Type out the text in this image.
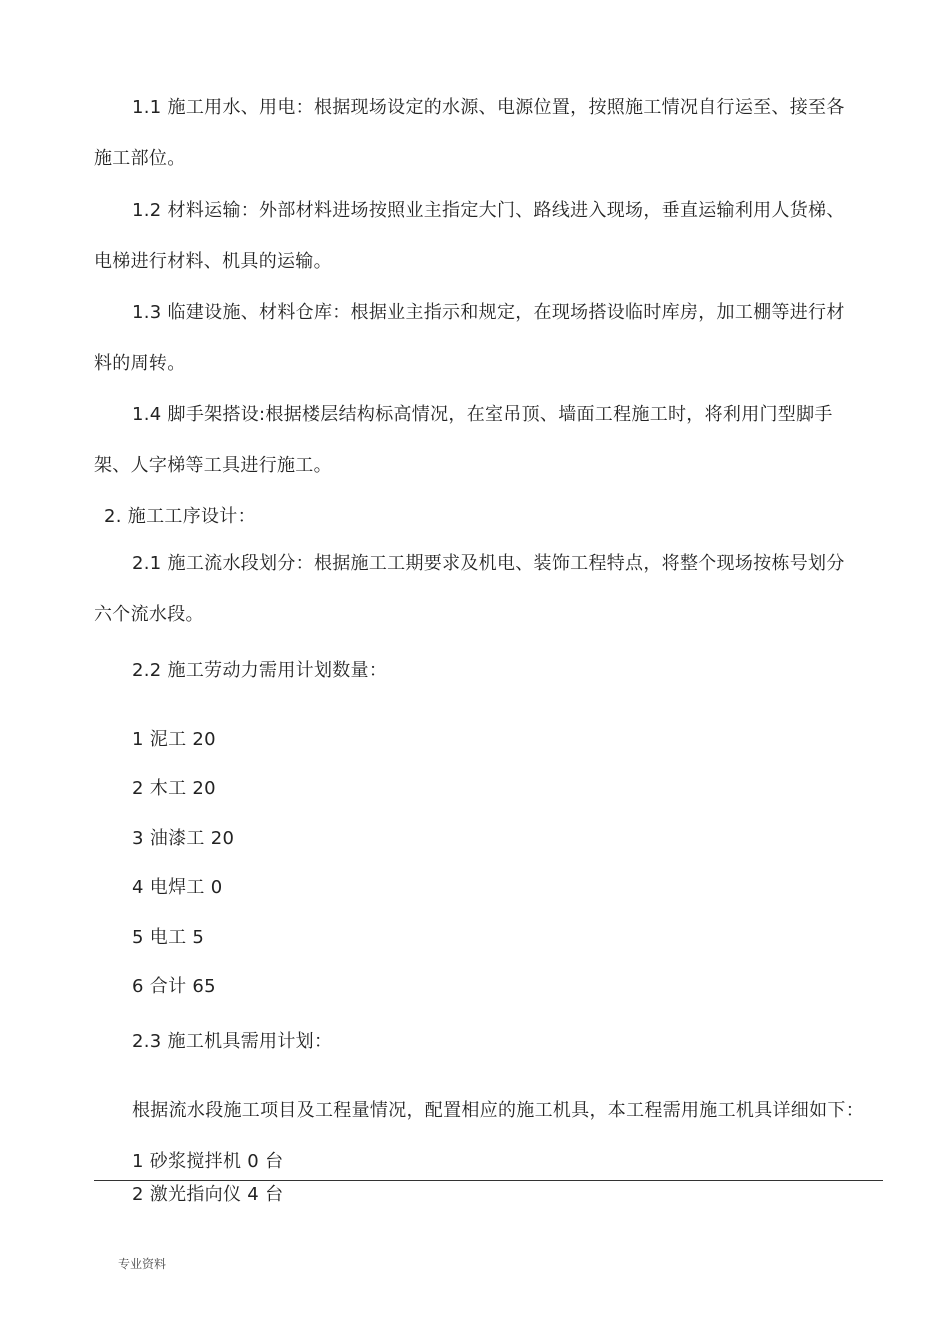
1.1 施工用水、用电：根据现场设定的水源、电源位置，按照施工情况自行运至、接至各
施工部位。
1.2 材料运输：外部材料进场按照业主指定大门、路线进入现场，垂直运输利用人货梯、
电梯进行材料、机具的运输。
1.3 临建设施、材料仓库：根据业主指示和规定，在现场搭设临时库房，加工棚等进行材
料的周转。
1.4 脚手架搭设:根据楼层结构标高情况，在室吊顶、墙面工程施工时，将利用门型脚手
架、人字梯等工具进行施工。
2. 施工工序设计：
2.1 施工流水段划分：根据施工工期要求及机电、装饰工程特点，将整个现场按栋号划分
六个流水段。
2.2 施工劳动力需用计划数量：
1 泥工 20
2 木工 20
3 油漆工 20
4 电焊工 0
5 电工 5
6 合计 65
2.3 施工机具需用计划：
根据流水段施工项目及工程量情况，配置相应的施工机具，本工程需用施工机具详细如下：
1 砂浆搅拌机 0 台
2 激光指向仪 4 台
专业资料
